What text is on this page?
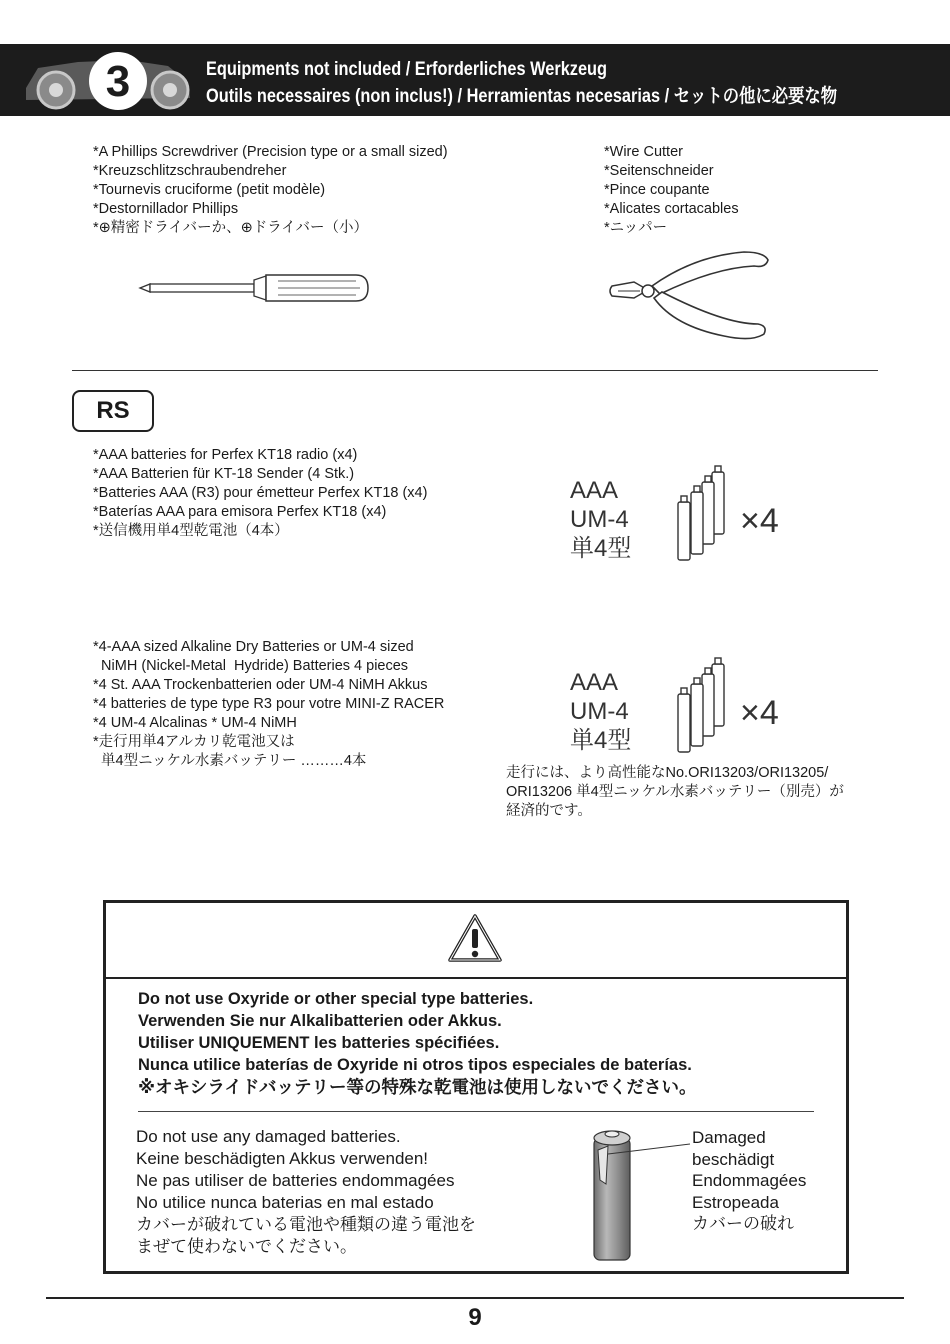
3	Equipments not included / Erforderliches Werkzeug
Outils necessaires (non inclus!) / Herramientas necesarias / セットの他に必要な物
*A Phillips Screwdriver (Precision type or a small sized)
*Kreuzschlitzschraubendreher
*Tournevis cruciforme (petit modèle)
*Destornillador Phillips
*⊕精密ドライバーか、⊕ドライバー（小）
*Wire Cutter
*Seitenschneider
*Pince coupante
*Alicates cortacables
*ニッパー
RS
*AAA batteries for Perfex KT18 radio (x4)
*AAA Batterien für KT-18 Sender (4 Stk.)
*Batteries AAA (R3) pour émetteur Perfex KT18 (x4)
*Baterías AAA para emisora Perfex KT18 (x4)
*送信機用単4型乾電池（4本）
AAA
UM-4
単4型
×4
*4-AAA sized Alkaline Dry Batteries or UM-4 sized
NiMH (Nickel-Metal  Hydride) Batteries 4 pieces
*4 St. AAA Trockenbatterien oder UM-4 NiMH Akkus
*4 batteries de type type R3 pour votre MINI-Z RACER
*4 UM-4 Alcalinas * UM-4 NiMH
*走行用単4アルカリ乾電池又は
単4型ニッケル水素バッテリー ………4本
AAA
UM-4
単4型
×4
走行には、より高性能なNo.ORI13203/ORI13205/
ORI13206 単4型ニッケル水素バッテリー（別売）が
経済的です。
Do not use Oxyride or other special type batteries.
Verwenden Sie nur Alkalibatterien oder Akkus.
Utiliser UNIQUEMENT les batteries spécifiées.
Nunca utilice baterías de Oxyride ni otros tipos especiales de baterías.
※オキシライドバッテリー等の特殊な乾電池は使用しないでください。
Do not use any damaged batteries.
Keine beschädigten Akkus verwenden!
Ne pas utiliser de batteries endommagées
No utilice nunca baterias en mal estado
カバーが破れている電池や種類の違う電池を
まぜて使わないでください。
Damaged
beschädigt
Endommagées
Estropeada
カバーの破れ
9
